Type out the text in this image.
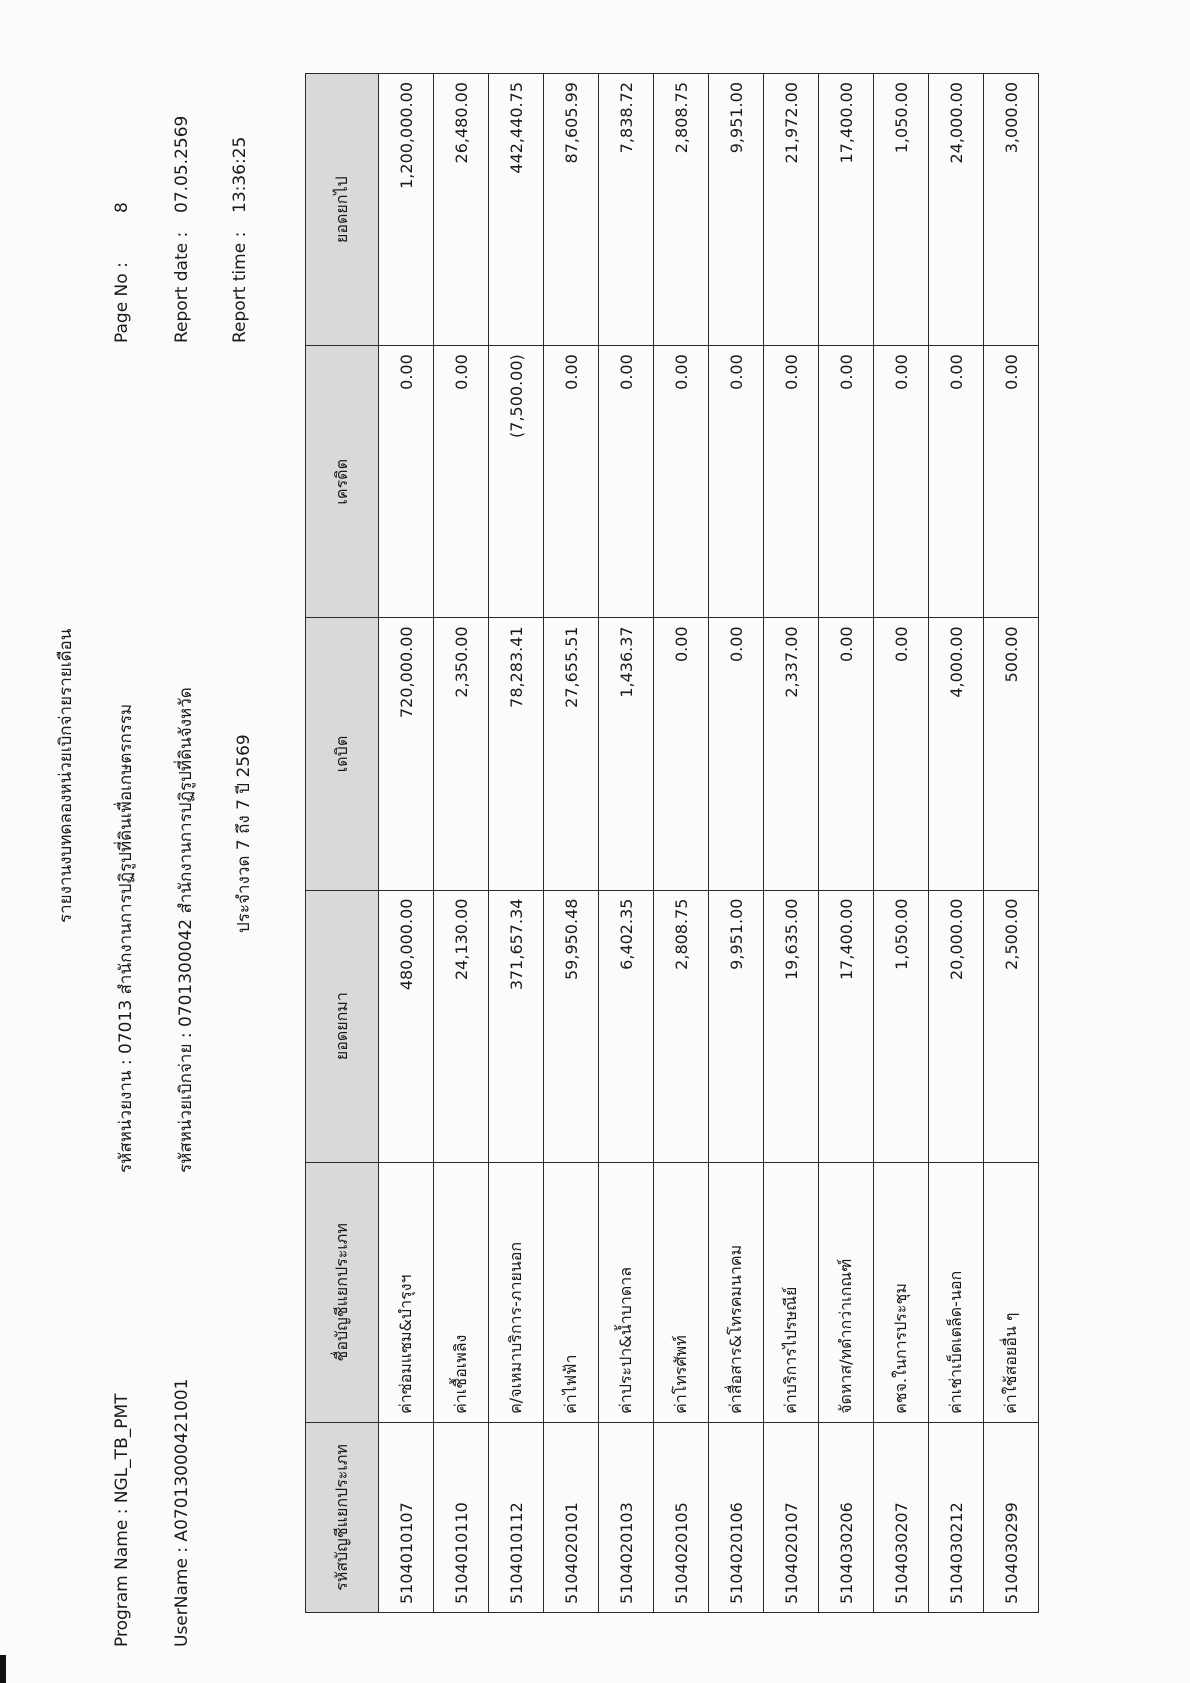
รายงานงบทดลองหน่วยเบิกจ่ายรายเดือน
Program Name : NGL_TB_PMT UserName : A07013000421001
รหัสหน่วยงาน : 07013 สำนักงานการปฏิรูปที่ดินเพื่อเกษตรกรรม รหัสหน่วยเบิกจ่าย : 0701300042 สำนักงานการปฏิรูปที่ดินจังหวัด ประจำงวด 7 ถึง 7 ปี 2569
Page No :
8
Report date :
07.05.2569
Report time :
13:36:25
รหัสบัญชีแยกประเภท	ชื่อบัญชีแยกประเภท	ยอดยกมา	เดบิต	เครดิต	ยอดยกไป
5104010107	ค่าซ่อมแซม&บำรุงฯ	480,000.00	720,000.00	0.00	1,200,000.00
5104010110	ค่าเชื้อเพลิง	24,130.00	2,350.00	0.00	26,480.00
5104010112	ค/จเหมาบริการ-ภายนอก	371,657.34	78,283.41	(7,500.00)	442,440.75
5104020101	ค่าไฟฟ้า	59,950.48	27,655.51	0.00	87,605.99
5104020103	ค่าประปา&น้ำบาดาล	6,402.35	1,436.37	0.00	7,838.72
5104020105	ค่าโทรศัพท์	2,808.75	0.00	0.00	2,808.75
5104020106	ค่าสื่อสาร&โทรคมนาคม	9,951.00	0.00	0.00	9,951.00
5104020107	ค่าบริการไปรษณีย์	19,635.00	2,337.00	0.00	21,972.00
5104030206	จัดหาส/ทดำกว่าเกณฑ์	17,400.00	0.00	0.00	17,400.00
5104030207	คชจ.ในการประชุม	1,050.00	0.00	0.00	1,050.00
5104030212	ค่าเช่าเบ็ดเตล็ด-นอก	20,000.00	4,000.00	0.00	24,000.00
5104030299	ค่าใช้สอยอื่น ๆ	2,500.00	500.00	0.00	3,000.00
